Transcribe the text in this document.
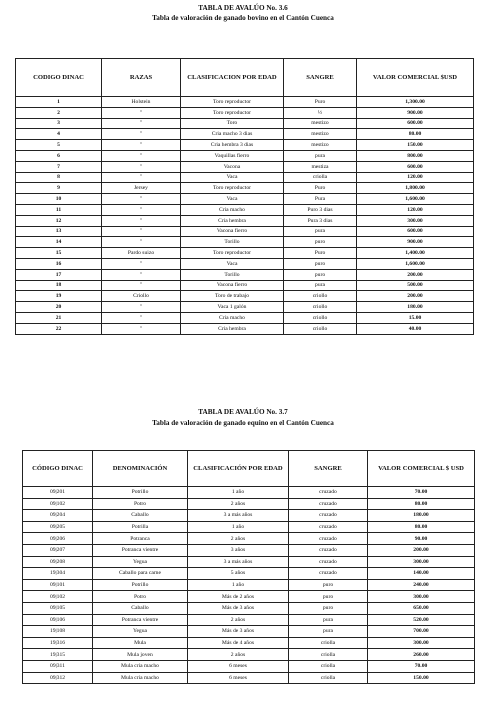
TABLA DE AVALÚO No. 3.6
Tabla de valoración de ganado bovino en el Cantón Cuenca
CODIGO DINAC	RAZAS	CLASIFICACION POR EDAD	SANGRE	VALOR COMERCIAL $USD
1	Holstein	Toro reproductor	Puro	1,300.00
2	"	Toro reproductor	½	900.00
3	"	Toro	mestizo	600.00
4	"	Cria macho 3 dias	mestizo	80.00
5	"	Cria hembra 3 dias	mestizo	150.00
6	"	Vaquillas fierro	pura	800.00
7	"	Vacona	mestiza	600.00
8	"	Vaca	criolla	120.00
9	Jersey	Toro reproductor	Puro	1,800.00
10	"	Vaca	Pura	1,600.00
11	"	Cria macho	Puro 3 dias	120.00
12	"	Cria hembra	Pura 3 dias	300.00
13	"	Vacona fierro	pura	600.00
14	"	Torillo	puro	900.00
15	Pardo suizo	Toro reproductor	Puro	1,400.00
16	"	Vaca	puro	1,600.00
17	"	Torillo	puro	200.00
18	"	Vacona fierro	pura	500.00
19	Criollo	Toro de trabajo	criollo	200.00
20	"	Vaca 1 galón	criollo	180.00
21	"	Cria macho	criollo	15.00
22	"	Cria hembra	criollo	40.00
TABLA DE AVALÚO No. 3.7
Tabla de valoración de ganado equino en el Cantón Cuenca
CÓDIGO DINAC	DENOMINACIÓN	CLASIFICACIÓN POR EDAD	SANGRE	VALOR COMERCIAL $ USD
09|201	Potrillo	1 año	cruzado	70.00
09|102	Potro	2 años	cruzado	80.00
09|204	Caballo	3 a más años	cruzado	180.00
09|205	Potrilla	1 año	cruzado	80.00
09|206	Potranca	2 años	cruzado	90.00
09|207	Potranca vientre	3 años	cruzado	200.00
09|208	Yegua	3 a más años	cruzado	300.00
19|304	Caballo para carne	5 años	cruzado	140.00
09|101	Potrillo	1 año	puro	240.00
09|102	Potro	Más de 2 años	puro	300.00
09|105	Caballo	Más de 3 años	puro	650.00
09|106	Potranca vientre	2 años	pura	520.00
19|108	Yegua	Más de 3 años	pura	700.00
19|316	Mula	Más de 4 años	criolla	300.00
19|315	Mula joven	2 años	criolla	260.00
09|311	Mula cria macho	6 meses	criolla	70.00
09|312	Mula cria macho	6 meses	criolla	150.00
